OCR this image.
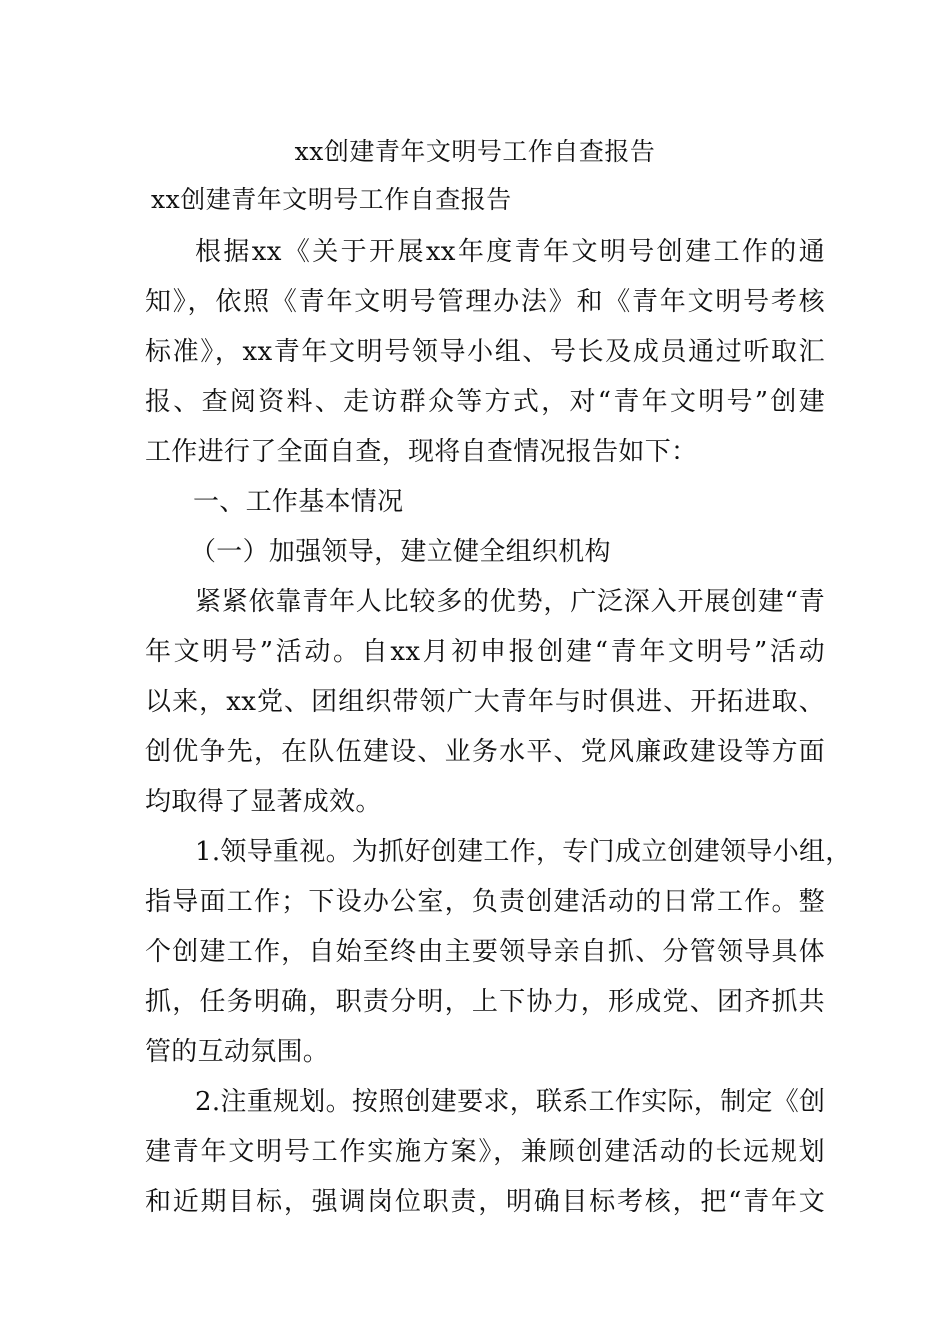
xx创建青年文明号工作自查报告
xx创建青年文明号工作自查报告
根据xx《关于开展xx年度青年文明号创建工作的通
知》，依照《青年文明号管理办法》和《青年文明号考核
标准》，xx青年文明号领导小组、号长及成员通过听取汇
报、查阅资料、走访群众等方式，对“青年文明号”创建
工作进行了全面自查，现将自查情况报告如下：
一、工作基本情况
（一）加强领导，建立健全组织机构
紧紧依靠青年人比较多的优势，广泛深入开展创建“青
年文明号”活动。自xx月初申报创建“青年文明号”活动
以来，xx党、团组织带领广大青年与时俱进、开拓进取、
创优争先，在队伍建设、业务水平、党风廉政建设等方面
均取得了显著成效。
1.领导重视。为抓好创建工作，专门成立创建领导小组，
指导面工作；下设办公室，负责创建活动的日常工作。整
个创建工作，自始至终由主要领导亲自抓、分管领导具体
抓，任务明确，职责分明，上下协力，形成党、团齐抓共
管的互动氛围。
2.注重规划。按照创建要求，联系工作实际，制定《创
建青年文明号工作实施方案》，兼顾创建活动的长远规划
和近期目标，强调岗位职责，明确目标考核，把“青年文
